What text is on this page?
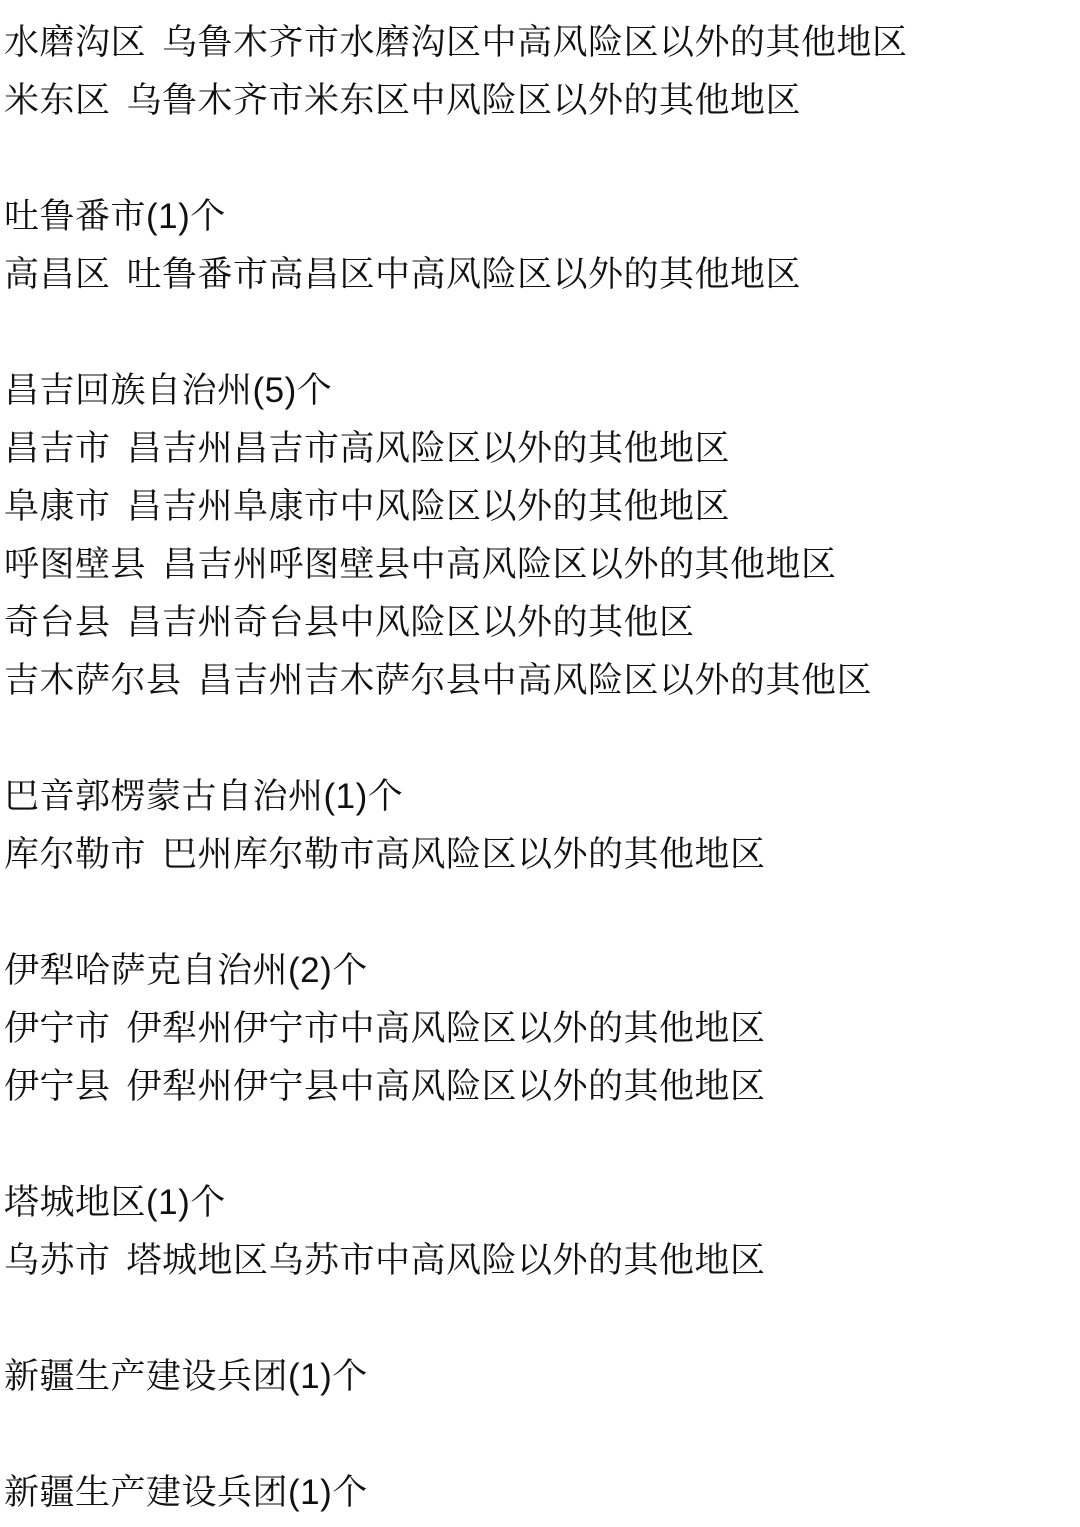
水磨沟区 乌鲁木齐市水磨沟区中高风险区以外的其他地区
米东区 乌鲁木齐市米东区中风险区以外的其他地区
吐鲁番市(1)个
高昌区 吐鲁番市高昌区中高风险区以外的其他地区
昌吉回族自治州(5)个
昌吉市 昌吉州昌吉市高风险区以外的其他地区
阜康市 昌吉州阜康市中风险区以外的其他地区
呼图壁县 昌吉州呼图壁县中高风险区以外的其他地区
奇台县 昌吉州奇台县中风险区以外的其他区
吉木萨尔县 昌吉州吉木萨尔县中高风险区以外的其他区
巴音郭楞蒙古自治州(1)个
库尔勒市 巴州库尔勒市高风险区以外的其他地区
伊犁哈萨克自治州(2)个
伊宁市 伊犁州伊宁市中高风险区以外的其他地区
伊宁县 伊犁州伊宁县中高风险区以外的其他地区
塔城地区(1)个
乌苏市 塔城地区乌苏市中高风险以外的其他地区
新疆生产建设兵团(1)个
新疆生产建设兵团(1)个
